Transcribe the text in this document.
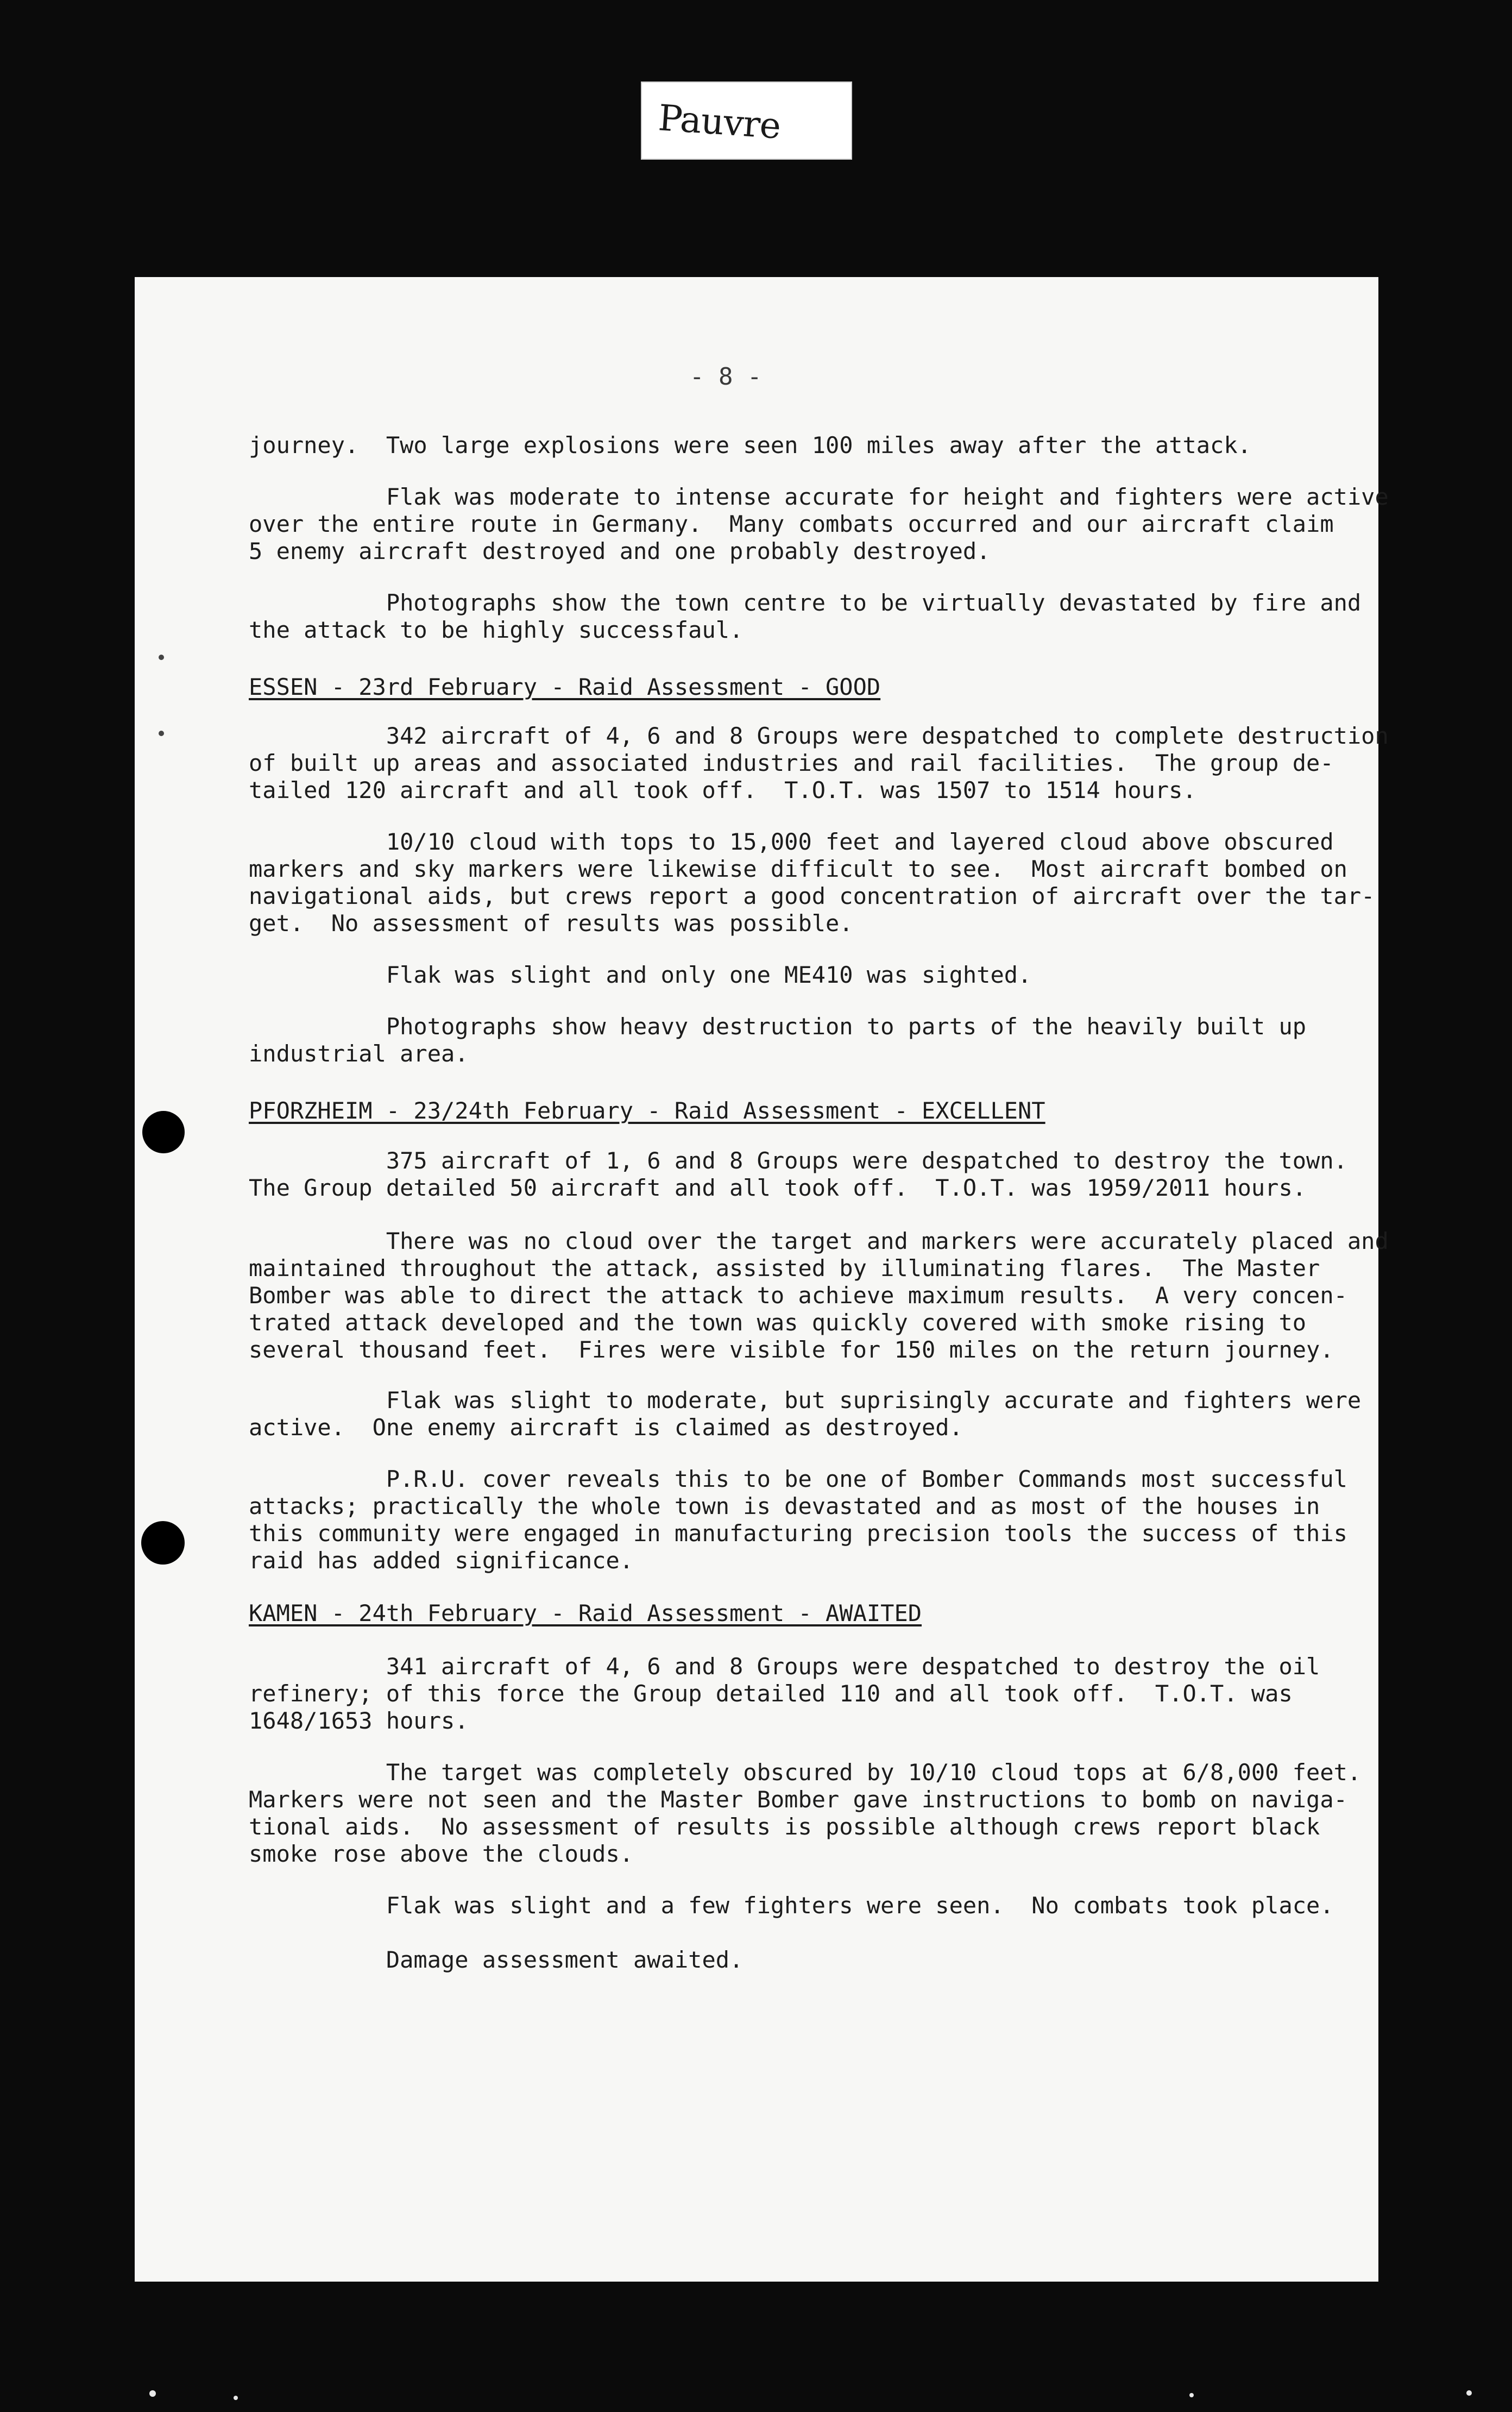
Pauvre
- 8 -
journey.  Two large explosions were seen 100 miles away after the attack.
Flak was moderate to intense accurate for height and fighters were active
over the entire route in Germany.  Many combats occurred and our aircraft claim
5 enemy aircraft destroyed and one probably destroyed.
Photographs show the town centre to be virtually devastated by fire and
the attack to be highly successfaul.
ESSEN - 23rd February - Raid Assessment - GOOD
342 aircraft of 4, 6 and 8 Groups were despatched to complete destruction
of built up areas and associated industries and rail facilities.  The group de-
tailed 120 aircraft and all took off.  T.O.T. was 1507 to 1514 hours.
10/10 cloud with tops to 15,000 feet and layered cloud above obscured
markers and sky markers were likewise difficult to see.  Most aircraft bombed on
navigational aids, but crews report a good concentration of aircraft over the tar-
get.  No assessment of results was possible.
Flak was slight and only one ME410 was sighted.
Photographs show heavy destruction to parts of the heavily built up
industrial area.
PFORZHEIM - 23/24th February - Raid Assessment - EXCELLENT
375 aircraft of 1, 6 and 8 Groups were despatched to destroy the town.
The Group detailed 50 aircraft and all took off.  T.O.T. was 1959/2011 hours.
There was no cloud over the target and markers were accurately placed and
maintained throughout the attack, assisted by illuminating flares.  The Master
Bomber was able to direct the attack to achieve maximum results.  A very concen-
trated attack developed and the town was quickly covered with smoke rising to
several thousand feet.  Fires were visible for 150 miles on the return journey.
Flak was slight to moderate, but suprisingly accurate and fighters were
active.  One enemy aircraft is claimed as destroyed.
P.R.U. cover reveals this to be one of Bomber Commands most successful
attacks; practically the whole town is devastated and as most of the houses in
this community were engaged in manufacturing precision tools the success of this
raid has added significance.
KAMEN - 24th February - Raid Assessment - AWAITED
341 aircraft of 4, 6 and 8 Groups were despatched to destroy the oil
refinery; of this force the Group detailed 110 and all took off.  T.O.T. was
1648/1653 hours.
The target was completely obscured by 10/10 cloud tops at 6/8,000 feet.
Markers were not seen and the Master Bomber gave instructions to bomb on naviga-
tional aids.  No assessment of results is possible although crews report black
smoke rose above the clouds.
Flak was slight and a few fighters were seen.  No combats took place.
Damage assessment awaited.
